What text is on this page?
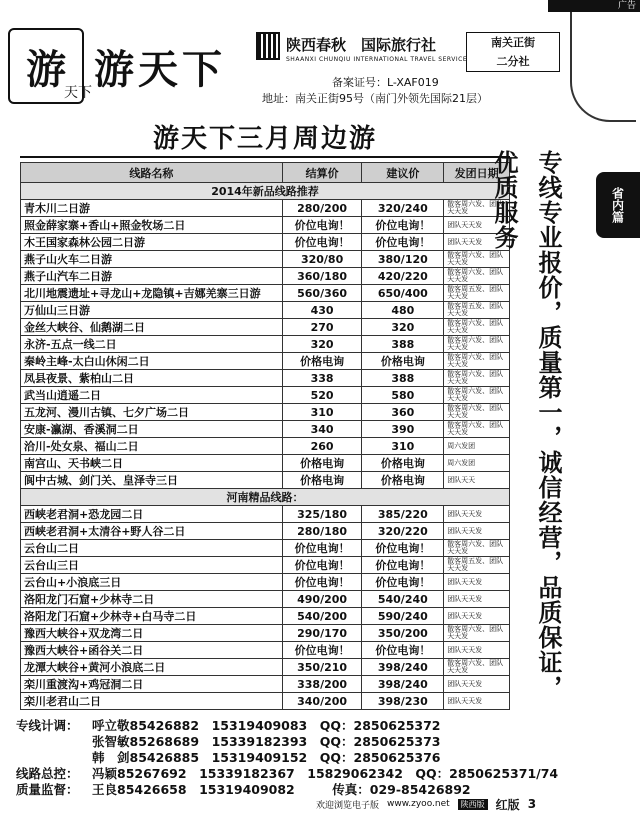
广告
游
天下 游天下
陕西春秋　 国际旅行社
SHAANXI CHUNQIU INTERNATIONAL TRAVEL SERVICE
南关正街
二分社
备案证号：L-XAF019
地址：南关正街95号（南门外领先国际21层）
游天下三月周边游
线路名称	结算价	建议价	发团日期
2014年新品线路推荐			
青木川二日游	280/200	320/240	散客周六发、团队天天发
照金薛家寨+香山+照金牧场二日	价位电询！	价位电询！	团队天天发
木王国家森林公园二日游	价位电询！	价位电询！	团队天天发
燕子山火车二日游	320/80	380/120	散客周六发、团队天天发
燕子山汽车二日游	360/180	420/220	散客周六发、团队天天发
北川地震遗址+寻龙山+龙隐镇+吉娜羌寨三日游	560/360	650/400	散客周五发、团队天天发
万仙山三日游	430	480	散客周五发、团队天天发
金丝大峡谷、仙鹅湖二日	270	320	散客周六发、团队天天发
永济-五点一线二日	320	388	散客周六发、团队天天发
秦岭主峰-太白山休闲二日	价格电询	价格电询	散客周六发、团队天天发
凤县夜景、紫柏山二日	338	388	散客周六发、团队天天发
武当山逍遥二日	520	580	散客周六发、团队天天发
五龙河、漫川古镇、七夕广场二日	310	360	散客周六发、团队天天发
安康-瀛湖、香溪洞二日	340	390	散客周六发、团队天天发
洽川-处女泉、福山二日	260	310	周六发团
南宫山、天书峡二日	价格电询	价格电询	周六发团
阆中古城、剑门关、皇泽寺三日	价格电询	价格电询	团队天天
河南精品线路：			
西峡老君洞+恐龙园二日	325/180	385/220	团队天天发
西峡老君洞+太清谷+野人谷二日	280/180	320/220	团队天天发
云台山二日	价位电询！	价位电询！	散客周六发、团队天天发
云台山三日	价位电询！	价位电询！	散客周五发、团队天天发
云台山+小浪底三日	价位电询！	价位电询！	团队天天发
洛阳龙门石窟+少林寺二日	490/200	540/240	团队天天发
洛阳龙门石窟+少林寺+白马寺二日	540/200	590/240	团队天天发
豫西大峡谷+双龙湾二日	290/170	350/200	散客周六发、团队天天发
豫西大峡谷+函谷关二日	价位电询！	价位电询！	团队天天发
龙潭大峡谷+黄河小浪底二日	350/210	398/240	散客周六发、团队天天发
栾川重渡沟+鸡冠洞二日	338/200	398/240	团队天天发
栾川老君山二日	340/200	398/230	团队天天发
省内篇
专线专业报价，质量第一，诚信经营，品质保证，优质服务
专线计调： 呼立敬85426882　15319409083　QQ：2850625372
张智敏85268689　15339182393　QQ：2850625373
韩　剑85426885　15319409152　QQ：2850625376
线路总控： 冯颖85267692　15339182367　15829062342　QQ：2850625371/74
质量监督： 王良85426658　15319409082　　　传真：029-85426892
欢迎浏览电子版 www.zyoo.net	陕西版 红版 3
